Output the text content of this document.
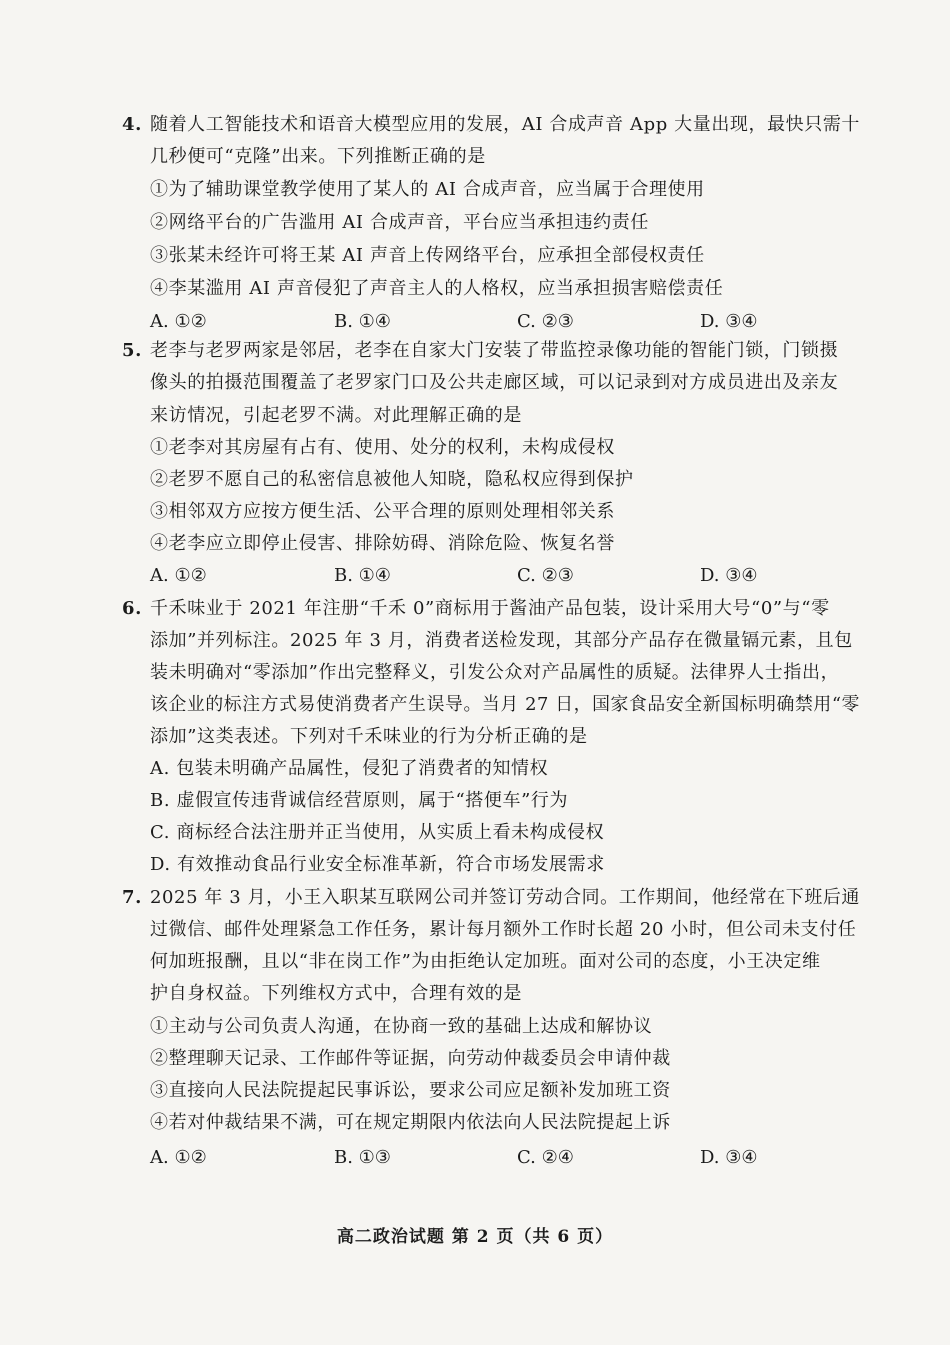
4. 随着人工智能技术和语音大模型应用的发展，AI 合成声音 App 大量出现，最快只需十
几秒便可“克隆”出来。下列推断正确的是
①为了辅助课堂教学使用了某人的 AI 合成声音，应当属于合理使用
②网络平台的广告滥用 AI 合成声音，平台应当承担违约责任
③张某未经许可将王某 AI 声音上传网络平台，应承担全部侵权责任
④李某滥用 AI 声音侵犯了声音主人的人格权，应当承担损害赔偿责任
A. ①②	B. ①④	C. ②③	D. ③④
5. 老李与老罗两家是邻居，老李在自家大门安装了带监控录像功能的智能门锁，门锁摄
像头的拍摄范围覆盖了老罗家门口及公共走廊区域，可以记录到对方成员进出及亲友
来访情况，引起老罗不满。对此理解正确的是
①老李对其房屋有占有、使用、处分的权利，未构成侵权
②老罗不愿自己的私密信息被他人知晓，隐私权应得到保护
③相邻双方应按方便生活、公平合理的原则处理相邻关系
④老李应立即停止侵害、排除妨碍、消除危险、恢复名誉
A. ①②	B. ①④	C. ②③	D. ③④
6. 千禾味业于 2021 年注册“千禾 0”商标用于酱油产品包装，设计采用大号“0”与“零
添加”并列标注。2025 年 3 月，消费者送检发现，其部分产品存在微量镉元素，且包
装未明确对“零添加”作出完整释义，引发公众对产品属性的质疑。法律界人士指出，
该企业的标注方式易使消费者产生误导。当月 27 日，国家食品安全新国标明确禁用“零
添加”这类表述。下列对千禾味业的行为分析正确的是
A. 包装未明确产品属性，侵犯了消费者的知情权
B. 虚假宣传违背诚信经营原则，属于“搭便车”行为
C. 商标经合法注册并正当使用，从实质上看未构成侵权
D. 有效推动食品行业安全标准革新，符合市场发展需求
7. 2025 年 3 月，小王入职某互联网公司并签订劳动合同。工作期间，他经常在下班后通
过微信、邮件处理紧急工作任务，累计每月额外工作时长超 20 小时，但公司未支付任
何加班报酬，且以“非在岗工作”为由拒绝认定加班。面对公司的态度，小王决定维
护自身权益。下列维权方式中，合理有效的是
①主动与公司负责人沟通，在协商一致的基础上达成和解协议
②整理聊天记录、工作邮件等证据，向劳动仲裁委员会申请仲裁
③直接向人民法院提起民事诉讼，要求公司应足额补发加班工资
④若对仲裁结果不满，可在规定期限内依法向人民法院提起上诉
A. ①②	B. ①③	C. ②④	D. ③④
高二政治试题 第 2 页（共 6 页）
